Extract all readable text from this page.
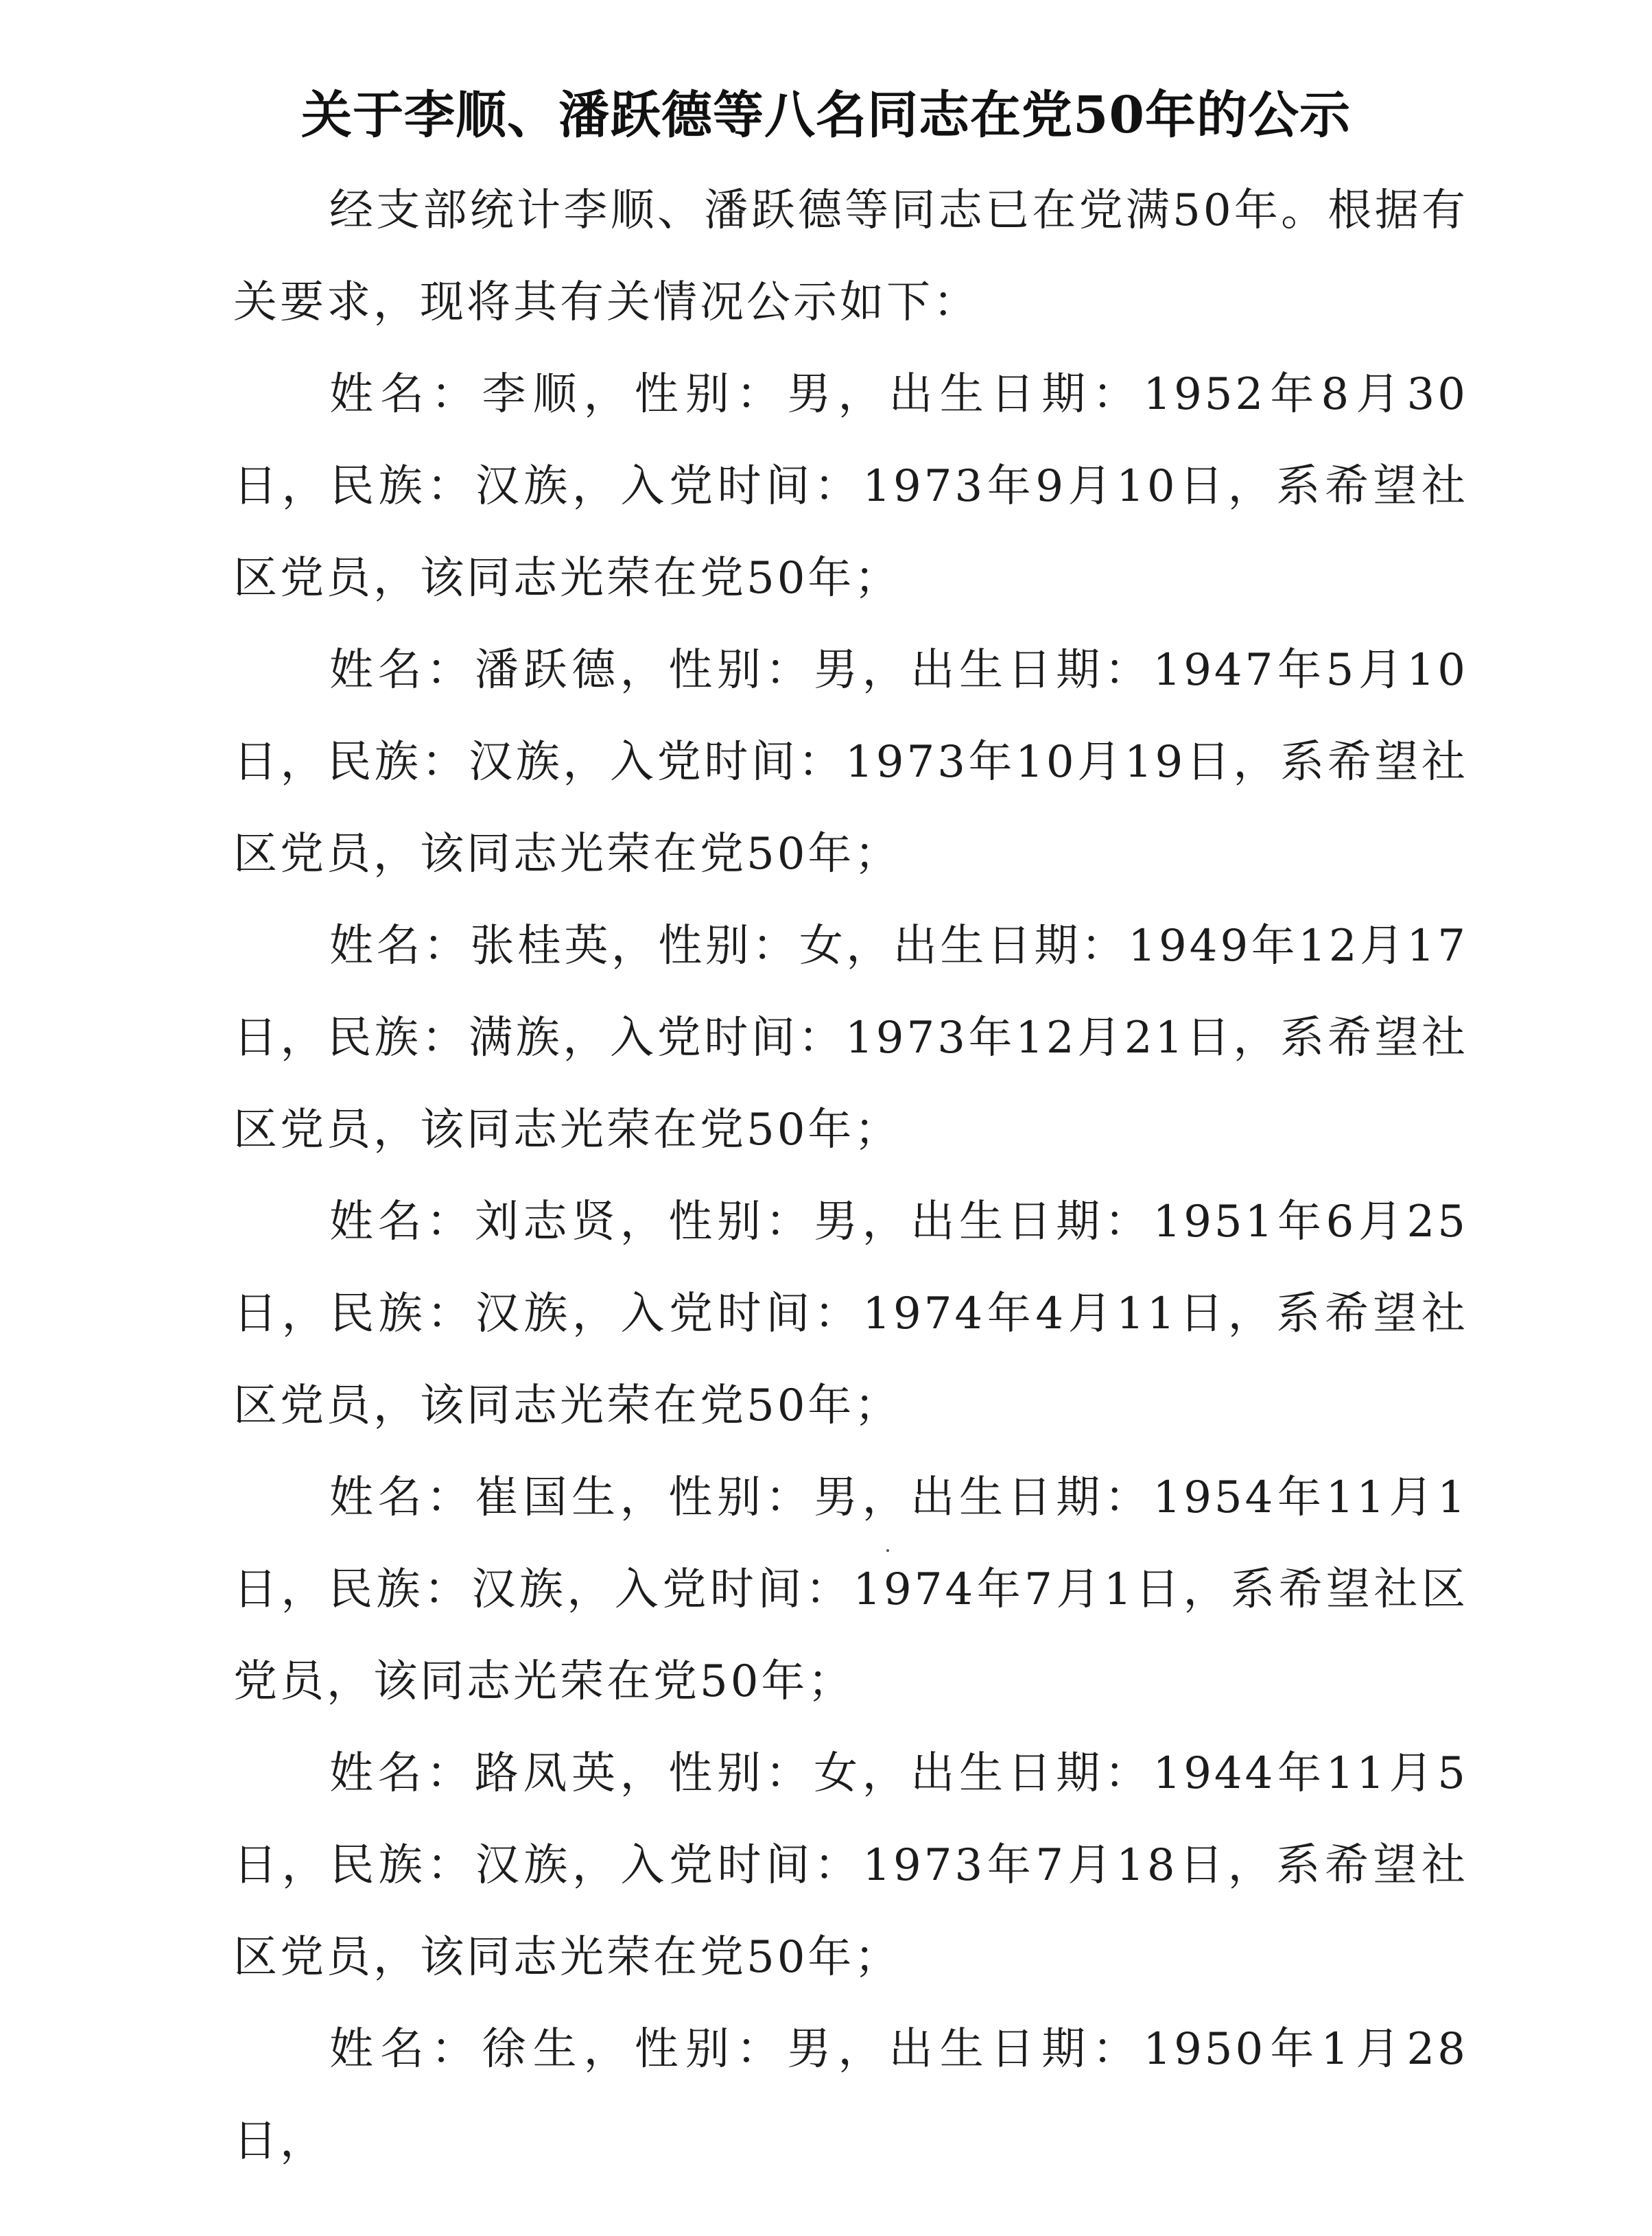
关于李顺、潘跃德等八名同志在党50年的公示

经支部统计李顺、潘跃德等同志已在党满50年。根据有关要求，现将其有关情况公示如下：

姓名：李顺，性别：男，出生日期：1952年8月30日，民族：汉族，入党时间：1973年9月10日，系希望社区党员，该同志光荣在党50年；

姓名：潘跃德，性别：男，出生日期：1947年5月10日，民族：汉族，入党时间：1973年10月19日，系希望社区党员，该同志光荣在党50年；

姓名：张桂英，性别：女，出生日期：1949年12月17日，民族：满族，入党时间：1973年12月21日，系希望社区党员，该同志光荣在党50年；

姓名：刘志贤，性别：男，出生日期：1951年6月25日，民族：汉族，入党时间：1974年4月11日，系希望社区党员，该同志光荣在党50年；

姓名：崔国生，性别：男，出生日期：1954年11月1日，民族：汉族，入党时间：1974年7月1日，系希望社区党员，该同志光荣在党50年；

姓名：路凤英，性别：女，出生日期：1944年11月5日，民族：汉族，入党时间：1973年7月18日，系希望社区党员，该同志光荣在党50年；

姓名：徐生，性别：男，出生日期：1950年1月28日，
